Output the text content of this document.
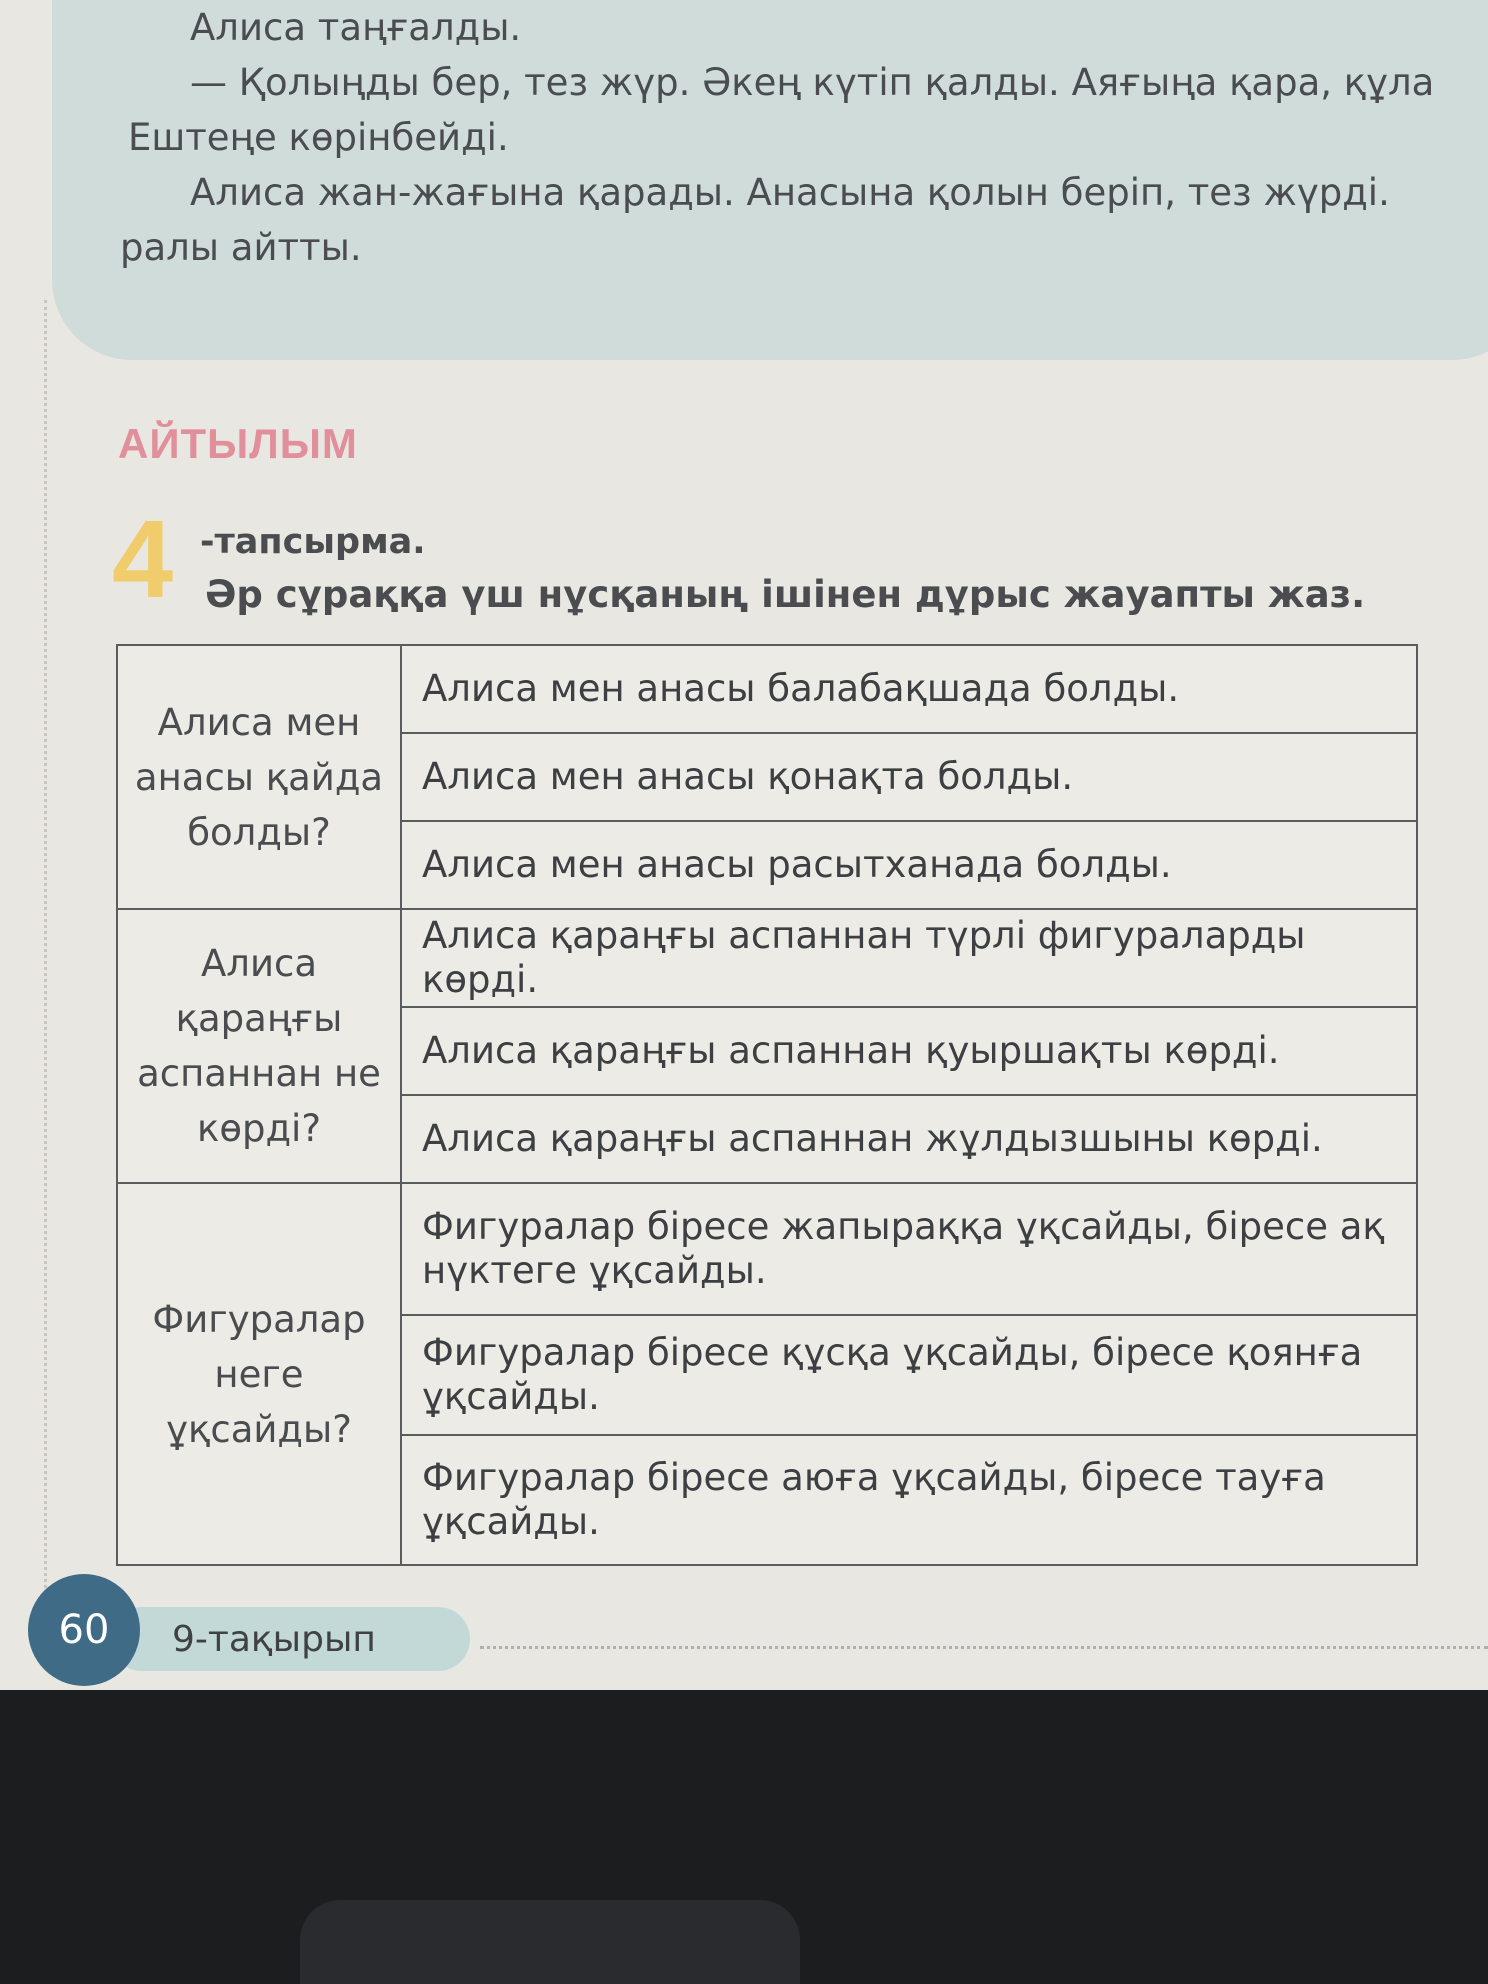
Алиса таңғалды.

— Қолыңды бер, тез жүр. Әкең күтіп қалды. Аяғыңа қара, құла

Ештеңе көрінбейді.

Алиса жан-жағына қарады. Анасына қолын беріп, тез жүрді.

ралы айтты.

АЙТЫЛЫМ
4 -тапсырма.
Әр сұраққа үш нұсқаның ішінен дұрыс жауапты жаз.
Алиса мен анасы қайда болды?	Алиса мен анасы балабақшада болды.
	Алиса мен анасы қонақта болды.
	Алиса мен анасы расытханада болды.
Алиса қараңғы аспаннан не көрді?	Алиса қараңғы аспаннан түрлі фигураларды көрді.
	Алиса қараңғы аспаннан қуыршақты көрді.
	Алиса қараңғы аспаннан жұлдызшыны көрді.
Фигуралар неге ұқсайды?	Фигуралар біресе жапыраққа ұқсайды, біресе ақ нүктеге ұқсайды.
	Фигуралар біресе құсқа ұқсайды, біресе қоянға ұқсайды.
	Фигуралар біресе аюға ұқсайды, біресе тауға ұқсайды.
9-тақырып
60
